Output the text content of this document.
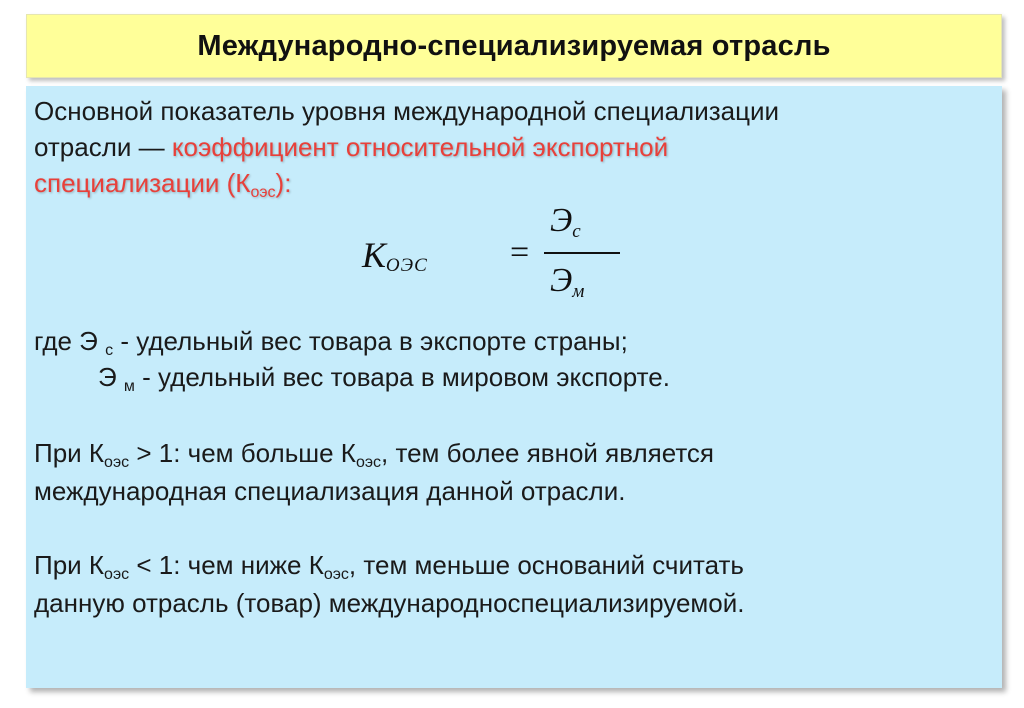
Международно-специализируемая отрасль
Основной показатель уровня международной специализации
отрасли — коэффициент относительной экспортной
специализации (Коэс):
КОЭС =
Эс
Эм
где Э с - удельный вес товара в экспорте страны;
Э м - удельный вес товара в мировом экспорте.
При Коэс > 1: чем больше Коэс, тем более явной является
международная специализация данной отрасли.
При Коэс < 1: чем ниже Коэс, тем меньше оснований считать
данную отрасль (товар) международноспециализируемой.
